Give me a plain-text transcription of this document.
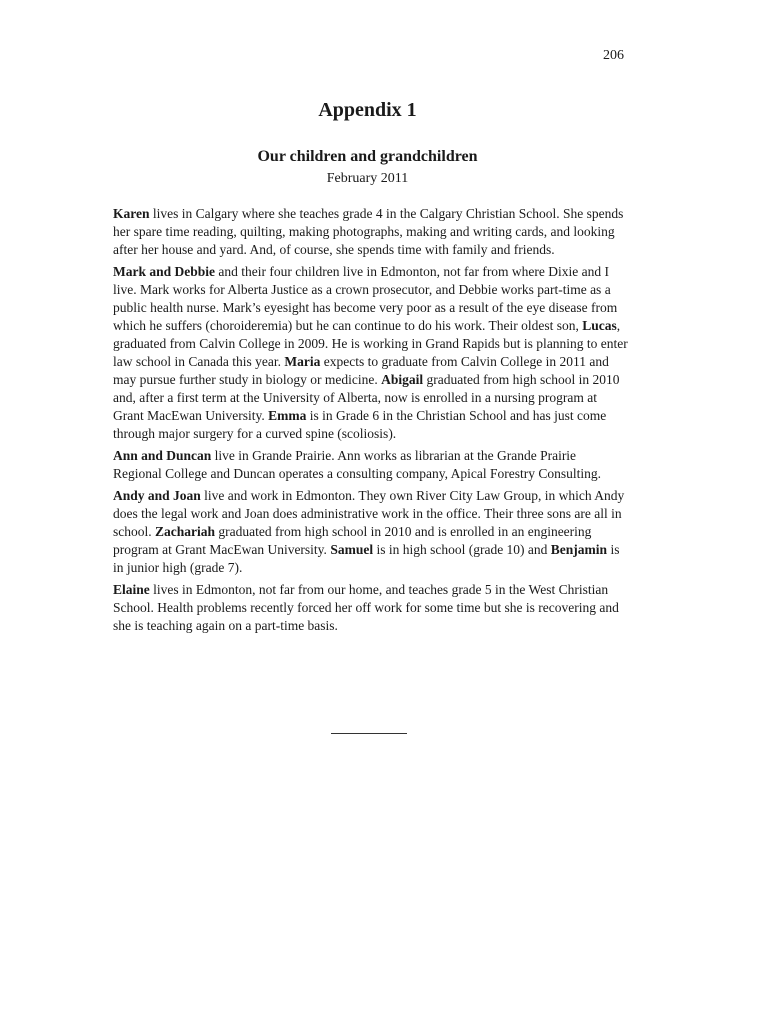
206
Appendix 1
Our children and grandchildren
February 2011

Karen lives in Calgary where she teaches grade 4 in the Calgary Christian School. She spends her spare time reading, quilting, making photographs, making and writing cards, and looking after her house and yard. And, of course, she spends time with family and friends.

Mark and Debbie and their four children live in Edmonton, not far from where Dixie and I live. Mark works for Alberta Justice as a crown prosecutor, and Debbie works part-time as a public health nurse. Mark’s eyesight has become very poor as a result of the eye disease from which he suffers (choroideremia) but he can continue to do his work. Their oldest son, Lucas, graduated from Calvin College in 2009. He is working in Grand Rapids but is planning to enter law school in Canada this year. Maria expects to graduate from Calvin College in 2011 and may pursue further study in biology or medicine. Abigail graduated from high school in 2010 and, after a first term at the University of Alberta, now is enrolled in a nursing program at Grant MacEwan University. Emma is in Grade 6 in the Christian School and has just come through major surgery for a curved spine (scoliosis).

Ann and Duncan live in Grande Prairie. Ann works as librarian at the Grande Prairie Regional College and Duncan operates a consulting company, Apical Forestry Consulting.

Andy and Joan live and work in Edmonton. They own River City Law Group, in which Andy does the legal work and Joan does administrative work in the office. Their three sons are all in school. Zachariah graduated from high school in 2010 and is enrolled in an engineering program at Grant MacEwan University. Samuel is in high school (grade 10) and Benjamin is in junior high (grade 7).

Elaine lives in Edmonton, not far from our home, and teaches grade 5 in the West Christian School. Health problems recently forced her off work for some time but she is recovering and she is teaching again on a part-time basis.
